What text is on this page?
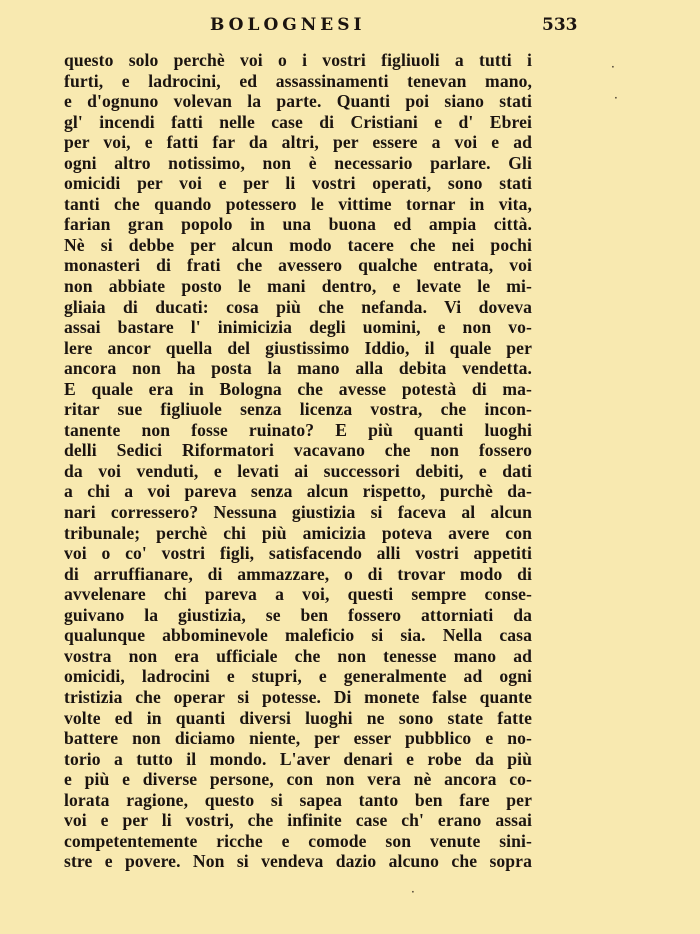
BOLOGNESI	533
questo solo perchè voi o i vostri figliuoli a tutti i
furti, e ladrocini, ed assassinamenti tenevan mano,
e d'ognuno volevan la parte. Quanti poi siano stati
gl' incendi fatti nelle case di Cristiani e d' Ebrei
per voi, e fatti far da altri, per essere a voi e ad
ogni altro notissimo, non è necessario parlare. Gli
omicidi per voi e per li vostri operati, sono stati
tanti che quando potessero le vittime tornar in vita,
farian gran popolo in una buona ed ampia città.
Nè si debbe per alcun modo tacere che nei pochi
monasteri di frati che avessero qualche entrata, voi
non abbiate posto le mani dentro, e levate le mi-
gliaia di ducati: cosa più che nefanda. Vi doveva
assai bastare l' inimicizia degli uomini, e non vo-
lere ancor quella del giustissimo Iddio, il quale per
ancora non ha posta la mano alla debita vendetta.
E quale era in Bologna che avesse potestà di ma-
ritar sue figliuole senza licenza vostra, che incon-
tanente non fosse ruinato? E più quanti luoghi
delli Sedici Riformatori vacavano che non fossero
da voi venduti, e levati ai successori debiti, e dati
a chi a voi pareva senza alcun rispetto, purchè da-
nari corressero? Nessuna giustizia si faceva al alcun
tribunale; perchè chi più amicizia poteva avere con
voi o co' vostri figli, satisfacendo alli vostri appetiti
di arruffianare, di ammazzare, o di trovar modo di
avvelenare chi pareva a voi, questi sempre conse-
guivano la giustizia, se ben fossero attorniati da
qualunque abbominevole maleficio si sia. Nella casa
vostra non era ufficiale che non tenesse mano ad
omicidi, ladrocini e stupri, e generalmente ad ogni
tristizia che operar si potesse. Di monete false quante
volte ed in quanti diversi luoghi ne sono state fatte
battere non diciamo niente, per esser pubblico e no-
torio a tutto il mondo. L'aver denari e robe da più
e più e diverse persone, con non vera nè ancora co-
lorata ragione, questo si sapea tanto ben fare per
voi e per li vostri, che infinite case ch' erano assai
competentemente ricche e comode son venute sini-
stre e povere. Non si vendeva dazio alcuno che sopra
·
·
·
